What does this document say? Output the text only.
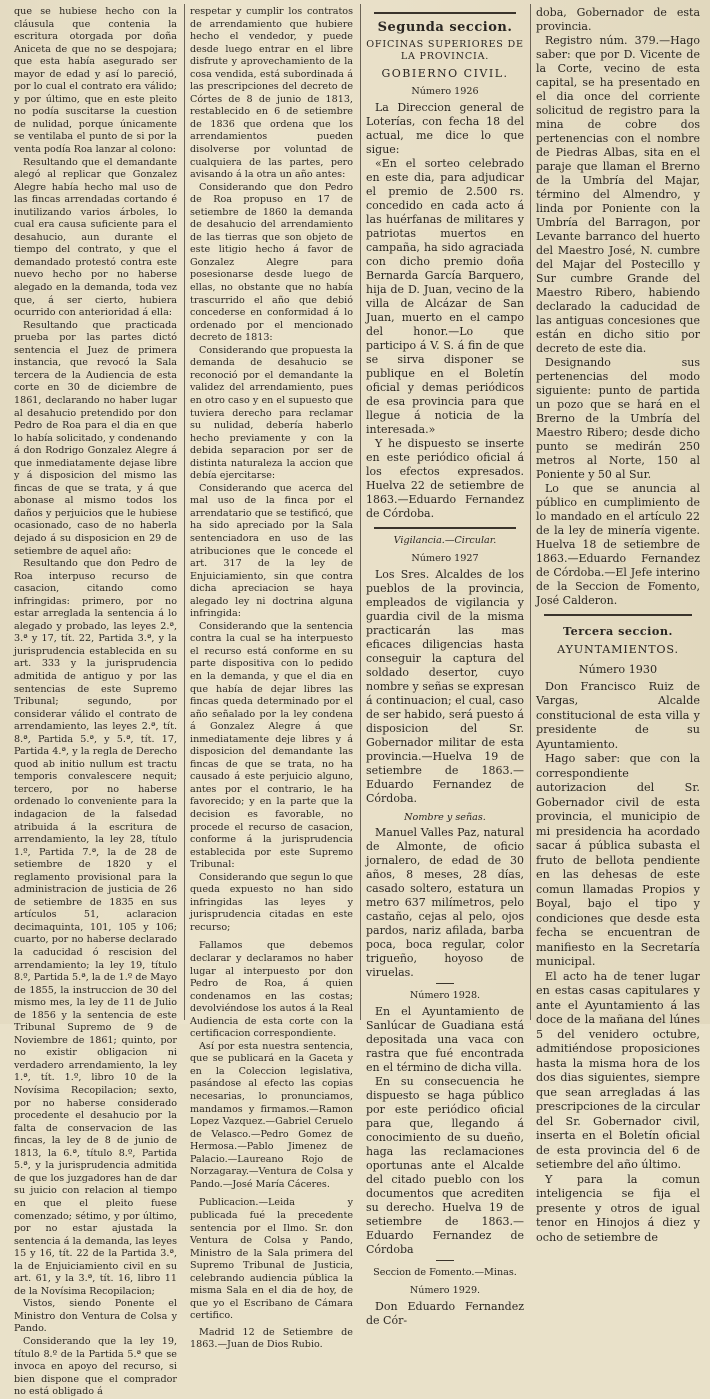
que se hubiese hecho con la cláusula que contenia la escritura otorgada por doña Aniceta de que no se despojara; que esta había asegurado ser mayor de edad y así lo pareció, por lo cual el contrato era válido; y por último, que en este pleito no podía suscitarse la cuestion de nulidad, porque únicamente se ventilaba el punto de si por la venta podía Roa lanzar al colono:

Resultando que el demandante alegó al replicar que Gonzalez Alegre había hecho mal uso de las fincas arrendadas cortando é inutilizando varios árboles, lo cual era causa suficiente para el desahucio, aun durante el tiempo del contrato, y que el demandado protestó contra este nuevo hecho por no haberse alegado en la demanda, toda vez que, á ser cierto, hubiera ocurrido con anterioridad á ella:

Resultando que practicada prueba por las partes dictó sentencia el Juez de primera instancia, que revocó la Sala tercera de la Audiencia de esta corte en 30 de diciembre de 1861, declarando no haber lugar al desahucio pretendido por don Pedro de Roa para el dia en que lo había solicitado, y condenando á don Rodrigo Gonzalez Alegre á que inmediatamente dejase libre y á disposicion del mismo las fincas de que se trata, y á que abonase al mismo todos los daños y perjuicios que le hubiese ocasionado, caso de no haberla dejado á su disposicion en 29 de setiembre de aquel año:

Resultando que don Pedro de Roa interpuso recurso de casacion, citando como infringidas: primero, por no estar arreglada la sentencia á lo alegado y probado, las leyes 2.ª, 3.ª y 17, tít. 22, Partida 3.ª, y la jurisprudencia establecida en su art. 333 y la jurisprudencia admitida de antiguo y por las sentencias de este Supremo Tribunal; segundo, por considerar válido el contrato de arrendamiento, las leyes 2.ª, tít. 8.ª, Partida 5.ª, y 5.ª, tít. 17, Partida 4.ª, y la regla de Derecho quod ab initio nullum est tractu temporis convalescere nequit; tercero, por no haberse ordenado lo conveniente para la indagacion de la falsedad atribuida á la escritura de arrendamiento, la ley 28, título 1.º, Partida 7.ª, la de 28 de setiembre de 1820 y el reglamento provisional para la administracion de justicia de 26 de setiembre de 1835 en sus artículos 51, aclaracion decimaquinta, 101, 105 y 106; cuarto, por no haberse declarado la caducidad ó rescision del arrendamiento; la ley 19, título 8.º, Partida 5.ª, la de 1.º de Mayo de 1855, la instruccion de 30 del mismo mes, la ley de 11 de Julio de 1856 y la sentencia de este Tribunal Supremo de 9 de Noviembre de 1861; quinto, por no existir obligacion ni verdadero arrendamiento, la ley 1.ª, tít. 1.º, libro 10 de la Novísima Recopilacion; sexto, por no haberse considerado procedente el desahucio por la falta de conservacion de las fincas, la ley de 8 de junio de 1813, la 6.ª, título 8.º, Partida 5.ª, y la jurisprudencia admitida de que los juzgadores han de dar su juicio con relacion al tiempo en que el pleito fuese comenzado; sétimo, y por último, por no estar ajustada la sentencia á la demanda, las leyes 15 y 16, tít. 22 de la Partida 3.ª, la de Enjuiciamiento civil en su art. 61, y la 3.ª, tít. 16, libro 11 de la Novísima Recopilacion;

Vistos, siendo Ponente el Ministro don Ventura de Colsa y Pando.

Considerando que la ley 19, título 8.º de la Partida 5.ª que se invoca en apoyo del recurso, si bien dispone que el comprador no está obligado á

respetar y cumplir los contratos de arrendamiento que hubiere hecho el vendedor, y puede desde luego entrar en el libre disfrute y aprovechamiento de la cosa vendida, está subordinada á las prescripciones del decreto de Córtes de 8 de junio de 1813, restablecido en 6 de setiembre de 1836 que ordena que los arrendamientos pueden disolverse por voluntad de cualquiera de las partes, pero avisando á la otra un año antes:

Considerando que don Pedro de Roa propuso en 17 de setiembre de 1860 la demanda de desahucio del arrendamiento de las tierras que son objeto de este litigio hecho á favor de Gonzalez Alegre para posesionarse desde luego de ellas, no obstante que no había trascurrido el año que debió concederse en conformidad á lo ordenado por el mencionado decreto de 1813:

Considerando que propuesta la demanda de desahucio se reconoció por el demandante la validez del arrendamiento, pues en otro caso y en el supuesto que tuviera derecho para reclamar su nulidad, debería haberlo hecho previamente y con la debida separacion por ser de distinta naturaleza la accion que debía ejercitarse:

Considerando que acerca del mal uso de la finca por el arrendatario que se testificó, que ha sido apreciado por la Sala sentenciadora en uso de las atribuciones que le concede el art. 317 de la ley de Enjuiciamiento, sin que contra dicha apreciacion se haya alegado ley ni doctrina alguna infringida:

Considerando que la sentencia contra la cual se ha interpuesto el recurso está conforme en su parte dispositiva con lo pedido en la demanda, y que el dia en que había de dejar libres las fincas queda determinado por el año señalado por la ley condena á Gonzalez Alegre á que inmediatamente deje libres y á disposicion del demandante las fincas de que se trata, no ha causado á este perjuicio alguno, antes por el contrario, le ha favorecido; y en la parte que la decision es favorable, no procede el recurso de casacion, conforme á la jurisprudencia establecida por este Supremo Tribunal:

Considerando que segun lo que queda expuesto no han sido infringidas las leyes y jurisprudencia citadas en este recurso;

Fallamos que debemos declarar y declaramos no haber lugar al interpuesto por don Pedro de Roa, á quien condenamos en las costas; devolviéndose los autos á la Real Audiencia de esta corte con la certificacion correspondiente.

Así por esta nuestra sentencia, que se publicará en la Gaceta y en la Coleccion legislativa, pasándose al efecto las copias necesarias, lo pronunciamos, mandamos y firmamos.—Ramon Lopez Vazquez.—Gabriel Ceruelo de Velasco.—Pedro Gomez de Hermosa.—Pablo Jimenez de Palacio.—Laureano Rojo de Norzagaray.—Ventura de Colsa y Pando.—José María Cáceres.

Publicacion.—Leida y publicada fué la precedente sentencia por el Ilmo. Sr. don Ventura de Colsa y Pando, Ministro de la Sala primera del Supremo Tribunal de Justicia, celebrando audiencia pública la misma Sala en el dia de hoy, de que yo el Escribano de Cámara certifico.

Madrid 12 de Setiembre de 1863.—Juan de Dios Rubio.

Segunda seccion.

OFICINAS SUPERIORES DE LA PROVINCIA.

GOBIERNO CIVIL.

Número 1926

La Direccion general de Loterías, con fecha 18 del actual, me dice lo que sigue:

«En el sorteo celebrado en este dia, para adjudicar el premio de 2.500 rs. concedido en cada acto á las huérfanas de militares y patriotas muertos en campaña, ha sido agraciada con dicho premio doña Bernarda García Barquero, hija de D. Juan, vecino de la villa de Alcázar de San Juan, muerto en el campo del honor.—Lo que participo á V. S. á fin de que se sirva disponer se publique en el Boletín oficial y demas periódicos de esa provincia para que llegue á noticia de la interesada.»

Y he dispuesto se inserte en este periódico oficial á los efectos expresados. Huelva 22 de setiembre de 1863.—Eduardo Fernandez de Córdoba.

Vigilancia.—Circular.

Número 1927

Los Sres. Alcaldes de los pueblos de la provincia, empleados de vigilancia y guardia civil de la misma practicarán las mas eficaces diligencias hasta conseguir la captura del soldado desertor, cuyo nombre y señas se expresan á continuacion; el cual, caso de ser habido, será puesto á disposicion del Sr. Gobernador militar de esta provincia.—Huelva 19 de setiembre de 1863.—Eduardo Fernandez de Córdoba.

Nombre y señas.

Manuel Valles Paz, natural de Almonte, de oficio jornalero, de edad de 30 años, 8 meses, 28 días, casado soltero, estatura un metro 637 milímetros, pelo castaño, cejas al pelo, ojos pardos, nariz afilada, barba poca, boca regular, color trigueño, hoyoso de viruelas.

Número 1928.

En el Ayuntamiento de Sanlúcar de Guadiana está depositada una vaca con rastra que fué encontrada en el término de dicha villa.

En su consecuencia he dispuesto se haga público por este periódico oficial para que, llegando á conocimiento de su dueño, haga las reclamaciones oportunas ante el Alcalde del citado pueblo con los documentos que acrediten su derecho. Huelva 19 de setiembre de 1863.—Eduardo Fernandez de Córdoba

Seccion de Fomento.—Minas.

Número 1929.

Don Eduardo Fernandez de Cór-

doba, Gobernador de esta provincia.

Registro núm. 379.—Hago saber: que por D. Vicente de la Corte, vecino de esta capital, se ha presentado en el dia once del corriente solicitud de registro para la mina de cobre dos pertenencias con el nombre de Piedras Albas, sita en el paraje que llaman el Brerno de la Umbría del Majar, término del Almendro, y linda por Poniente con la Umbría del Barragon, por Levante barranco del huerto del Maestro José, N. cumbre del Majar del Postecillo y Sur cumbre Grande del Maestro Ribero, habiendo declarado la caducidad de las antiguas concesiones que están en dicho sitio por decreto de este dia.

Designando sus pertenencias del modo siguiente: punto de partida un pozo que se hará en el Brerno de la Umbría del Maestro Ribero; desde dicho punto se medirán 250 metros al Norte, 150 al Poniente y 50 al Sur.

Lo que se anuncia al público en cumplimiento de lo mandado en el artículo 22 de la ley de minería vigente. Huelva 18 de setiembre de 1863.—Eduardo Fernandez de Córdoba.—El Jefe interino de la Seccion de Fomento, José Calderon.

Tercera seccion.

AYUNTAMIENTOS.

Número 1930

Don Francisco Ruiz de Vargas, Alcalde constitucional de esta villa y presidente de su Ayuntamiento.

Hago saber: que con la correspondiente autorizacion del Sr. Gobernador civil de esta provincia, el municipio de mi presidencia ha acordado sacar á pública subasta el fruto de bellota pendiente en las dehesas de este comun llamadas Propios y Boyal, bajo el tipo y condiciones que desde esta fecha se encuentran de manifiesto en la Secretaría municipal.

El acto ha de tener lugar en estas casas capitulares y ante el Ayuntamiento á las doce de la mañana del lúnes 5 del venidero octubre, admitiéndose proposiciones hasta la misma hora de los dos dias siguientes, siempre que sean arregladas á las prescripciones de la circular del Sr. Gobernador civil, inserta en el Boletín oficial de esta provincia del 6 de setiembre del año último.

Y para la comun inteligencia se fija el presente y otros de igual tenor en Hinojos á diez y ocho de setiembre de
